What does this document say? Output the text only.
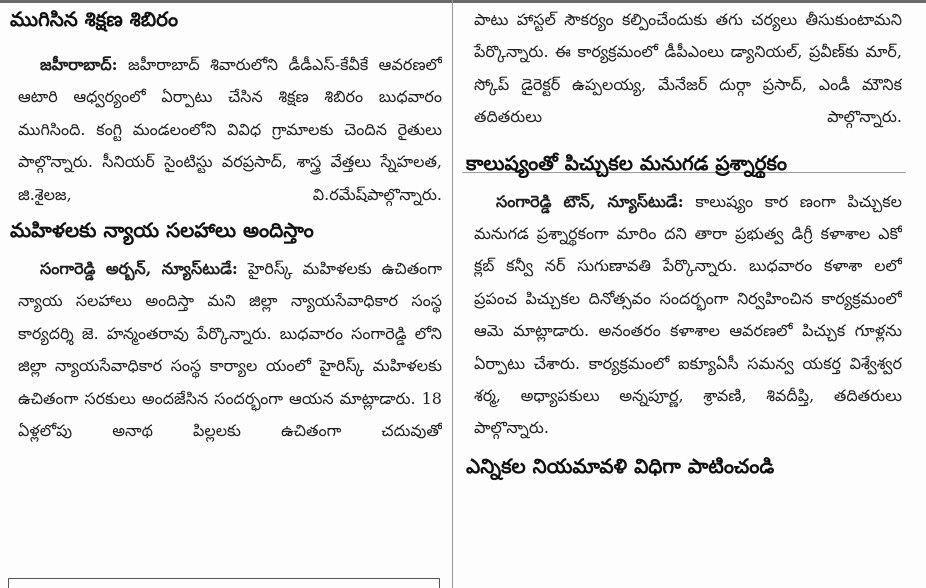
ముగిసిన శిక్షణ శిబిరం

జహీరాబాద్‌: జహీరాబాద్‌ శివారులోని డీడీఎస్‌-కేవీకే ఆవరణలో ఆటారి ఆధ్వర్యంలో ఏర్పాటు చేసిన శిక్షణ శిబిరం బుధవారం ముగిసింది. కంగ్టి మండలంలోని వివిధ గ్రామాలకు చెందిన రైతులు పాల్గొన్నారు. సీనియర్‌ సైంటిస్టు వరప్రసాద్‌, శాస్త్ర వేత్తలు స్నేహలత, జి.శైలజ, వి.రమేష్‌పాల్గొన్నారు.

మహిళలకు న్యాయ సలహాలు అందిస్తాం

సంగారెడ్డి అర్బన్‌, న్యూస్‌టుడే: హైరిస్క్‌ మహిళలకు ఉచితంగా న్యాయ సలహాలు అందిస్తా మని జిల్లా న్యాయసేవాధికార సంస్థ కార్యదర్శి జె. హన్మంతరావు పేర్కొన్నారు. బుధవారం సంగారెడ్డి లోని జిల్లా న్యాయసేవాధికార సంస్థ కార్యాల యంలో హైరిస్క్‌ మహిళలకు ఉచితంగా సరకులు అందజేసిన సందర్భంగా ఆయన మాట్లాడారు. 18 ఏళ్లలోపు అనాథ పిల్లలకు ఉచితంగా చదువుతో

పాటు హాస్టల్‌ సౌకర్యం కల్పించేందుకు తగు చర్యలు తీసుకుంటామని పేర్కొన్నారు. ఈ కార్యక్రమంలో డీపీఎంలు డ్యానియల్‌, ప్రవీణ్‌కు మార్‌, స్కోప్‌ డైరెక్టర్‌ ఉప్పలయ్య, మేనేజర్‌ దుర్గా ప్రసాద్‌, ఎండీ మౌనిక తదితరులు పాల్గొన్నారు.

కాలుష్యంతో పిచ్చుకల మనుగడ ప్రశ్నార్థకం

సంగారెడ్డి టౌన్‌, న్యూస్‌టుడే: కాలుష్యం కార ణంగా పిచ్చుకల మనుగడ ప్రశ్నార్థకంగా మారిం దని తారా ప్రభుత్వ డిగ్రీ కళాశాల ఎకో క్లబ్‌ కన్వీ నర్‌ సుగుణావతి పేర్కొన్నారు. బుధవారం కళాశా లలో ప్రపంచ పిచ్చుకల దినోత్సవం సందర్భంగా నిర్వహించిన కార్యక్రమంలో ఆమె మాట్లాడారు. అనంతరం కళాశాల ఆవరణలో పిచ్చుక గూళ్లను ఏర్పాటు చేశారు. కార్యక్రమంలో ఐక్యూఏసీ సమన్వ యకర్త విశ్వేశ్వర శర్మ, అధ్యాపకులు అన్నపూర్ణ, శ్రావణి, శివదీప్తి, తదితరులు పాల్గొన్నారు.

ఎన్నికల నియమావళి విధిగా పాటించండి
